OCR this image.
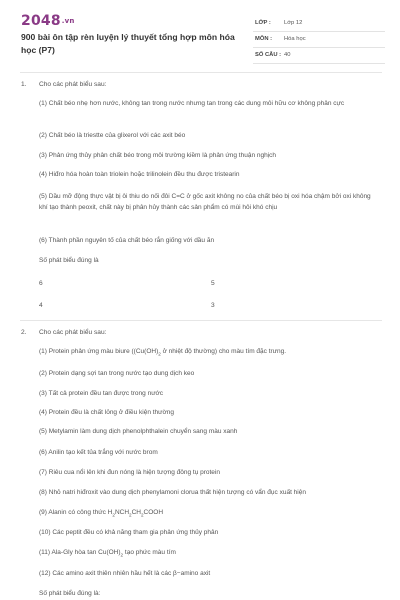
$2048^{.vn}$
900 bài ôn tập rèn luyện lý thuyết tổng hợp môn hóa học (P7)
LỚP : Lớp 12
MÔN : Hóa học
SỐ CÂU : 40
1. Cho các phát biểu sau:
(1) Chất béo nhẹ hơn nước, không tan trong nước nhưng tan trong các dung môi hữu cơ không phân cực
(2) Chất béo là triestte của glixerol với các axit béo
(3) Phản ứng thủy phân chất béo trong môi trường kiềm là phản ứng thuận nghịch
(4) Hiđro hóa hoàn toàn triolein hoặc trilinolein đều thu được tristearin
(5) Dầu mỡ động thực vật bị ôi thiu do nối đôi C=C ở gốc axit không no của chất béo bị oxi hóa chậm bởi oxi không khí tạo thành peoxit, chất này bị phân hủy thành các sản phẩm có mùi hôi khó chịu
(6) Thành phần nguyên tố của chất béo rắn giống với dầu ăn
Số phát biểu đúng là
6	5
4	3
2. Cho các phát biểu sau:
(1) Protein phản ứng màu biure (($Cu(OH)_2$ ở nhiệt độ thường) cho màu tím đặc trưng.
(2) Protein dạng sợi tan trong nước tạo dung dịch keo
(3) Tất cả protein đều tan được trong nước
(4) Protein đều là chất lỏng ở điều kiện thường
(5) Metylamin làm dung dịch phenolphthalein chuyển sang màu xanh
(6) Anilin tạo kết tủa trắng với nước brom
(7) Riêu cua nổi lên khi đun nóng là hiện tượng đông tụ protein
(8) Nhỏ natri hiđroxit vào dung dịch phenylamoni clorua thất hiện tượng có vẩn đục xuất hiện
(9) Alanin có công thức $H_2NCH_2CH_2COOH$
(10) Các peptit đều có khả năng tham gia phản ứng thủy phân
(11) Ala-Gly hòa $\tan Cu(OH)_2$ tạo phức màu tím
(12) Các amino axit thiên nhiên hầu hết là các β−amino axit
Số phát biểu đúng là:
